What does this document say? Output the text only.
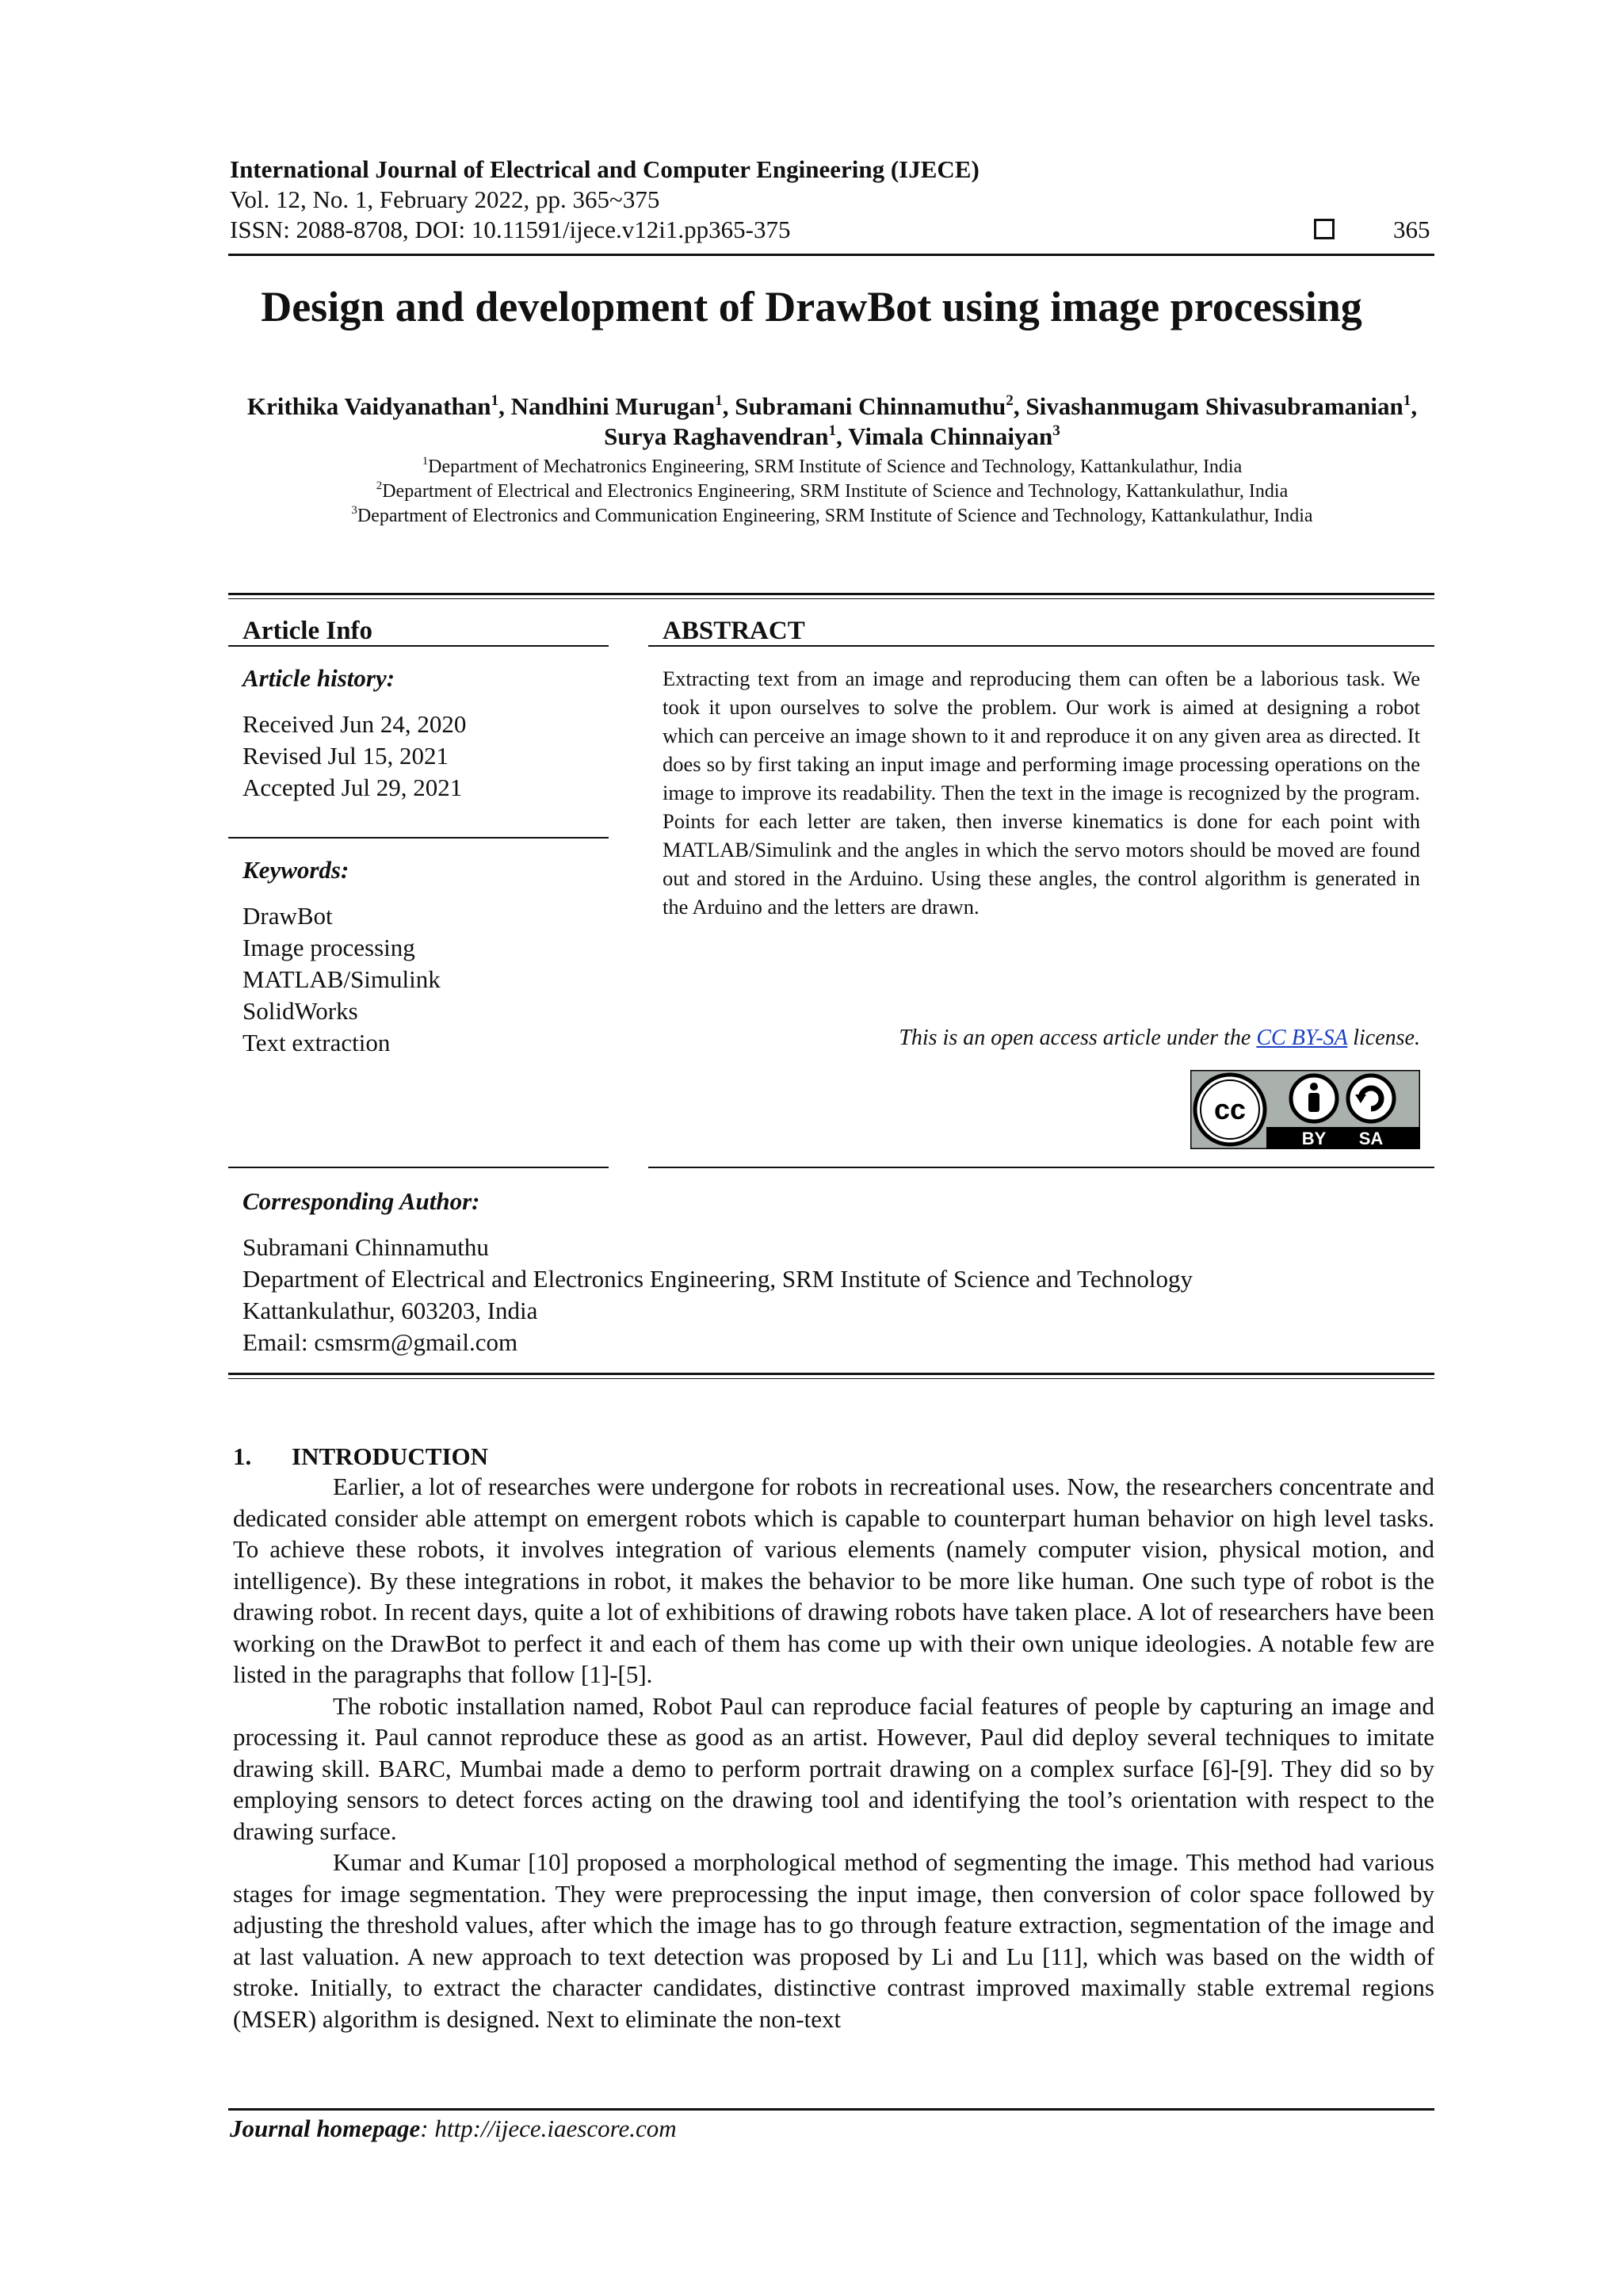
International Journal of Electrical and Computer Engineering (IJECE)
Vol. 12, No. 1, February 2022, pp. 365~375
ISSN: 2088-8708, DOI: 10.11591/ijece.v12i1.pp365-375	365
Design and development of DrawBot using image processing
Krithika Vaidyanathan$^1$, Nandhini Murugan$^1$, Subramani Chinnamuthu$^2$, Sivashanmugam Shivasubramanian$^1$, Surya Raghavendran$^1$, Vimala Chinnaiyan$^3$
$^1$Department of Mechatronics Engineering, SRM Institute of Science and Technology, Kattankulathur, India
$^2$Department of Electrical and Electronics Engineering, SRM Institute of Science and Technology, Kattankulathur, India
$^3$Department of Electronics and Communication Engineering, SRM Institute of Science and Technology, Kattankulathur, India
Article Info
Article history:
Received Jun 24, 2020
Revised Jul 15, 2021
Accepted Jul 29, 2021
Keywords:
DrawBot
Image processing
MATLAB/Simulink
SolidWorks
Text extraction
ABSTRACT
Extracting text from an image and reproducing them can often be a laborious task. We took it upon ourselves to solve the problem. Our work is aimed at designing a robot which can perceive an image shown to it and reproduce it on any given area as directed. It does so by first taking an input image and performing image processing operations on the image to improve its readability. Then the text in the image is recognized by the program. Points for each letter are taken, then inverse kinematics is done for each point with MATLAB/Simulink and the angles in which the servo motors should be moved are found out and stored in the Arduino. Using these angles, the control algorithm is generated in the Arduino and the letters are drawn.
This is an open access article under the CC BY-SA license.
cc
BY SA
Corresponding Author:
Subramani Chinnamuthu
Department of Electrical and Electronics Engineering, SRM Institute of Science and Technology
Kattankulathur, 603203, India
Email: csmsrm@gmail.com
1. INTRODUCTION

Earlier, a lot of researches were undergone for robots in recreational uses. Now, the researchers concentrate and dedicated consider able attempt on emergent robots which is capable to counterpart human behavior on high level tasks. To achieve these robots, it involves integration of various elements (namely computer vision, physical motion, and intelligence). By these integrations in robot, it makes the behavior to be more like human. One such type of robot is the drawing robot. In recent days, quite a lot of exhibitions of drawing robots have taken place. A lot of researchers have been working on the DrawBot to perfect it and each of them has come up with their own unique ideologies. A notable few are listed in the paragraphs that follow [1]-[5].

The robotic installation named, Robot Paul can reproduce facial features of people by capturing an image and processing it. Paul cannot reproduce these as good as an artist. However, Paul did deploy several techniques to imitate drawing skill. BARC, Mumbai made a demo to perform portrait drawing on a complex surface [6]-[9]. They did so by employing sensors to detect forces acting on the drawing tool and identifying the tool’s orientation with respect to the drawing surface.

Kumar and Kumar [10] proposed a morphological method of segmenting the image. This method had various stages for image segmentation. They were preprocessing the input image, then conversion of color space followed by adjusting the threshold values, after which the image has to go through feature extraction, segmentation of the image and at last valuation. A new approach to text detection was proposed by Li and Lu [11], which was based on the width of stroke. Initially, to extract the character candidates, distinctive contrast improved maximally stable extremal regions (MSER) algorithm is designed. Next to eliminate the non-text

Journal homepage: http://ijece.iaescore.com
